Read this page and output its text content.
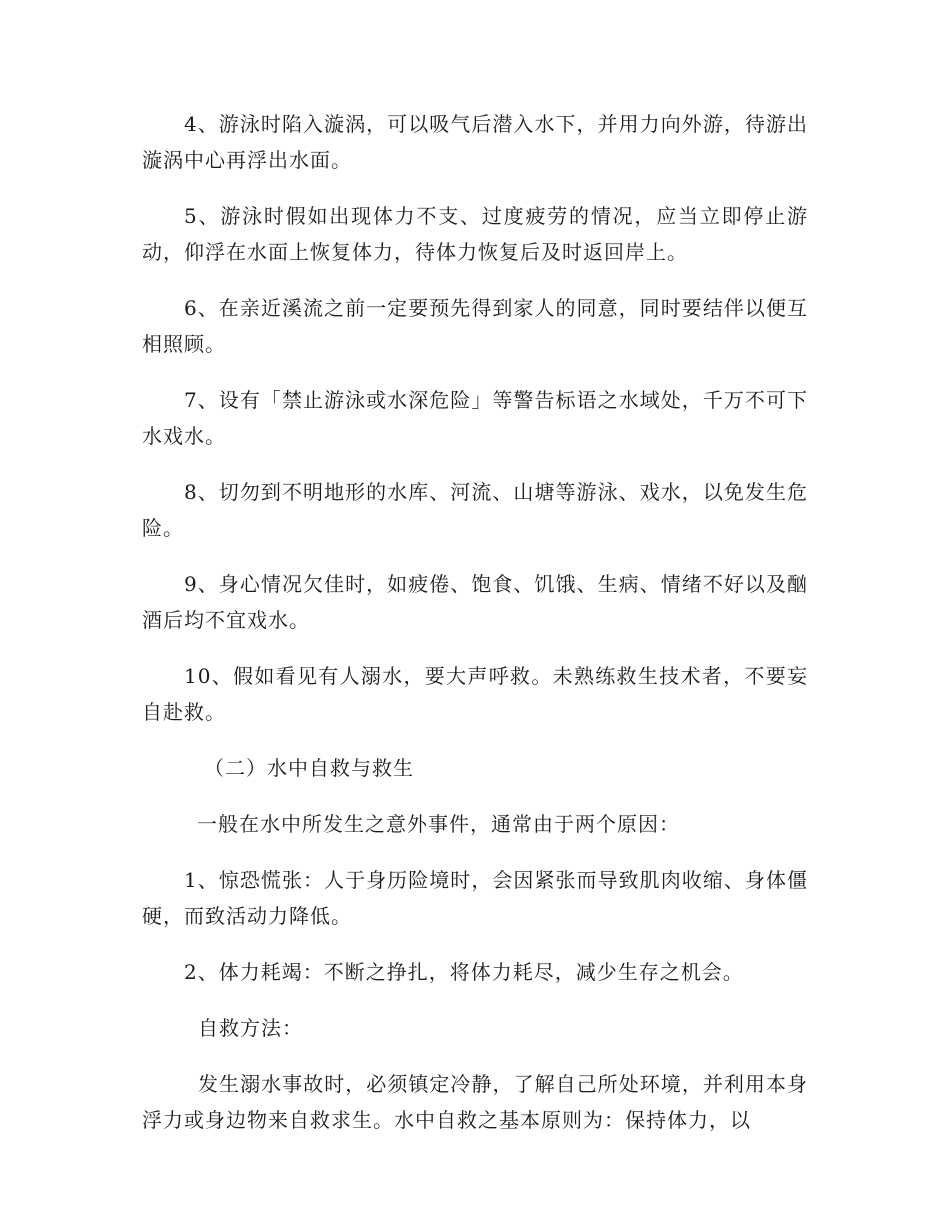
4、游泳时陷入漩涡，可以吸气后潜入水下，并用力向外游，待游出漩涡中心再浮出水面。

5、游泳时假如出现体力不支、过度疲劳的情况，应当立即停止游动，仰浮在水面上恢复体力，待体力恢复后及时返回岸上。

6、在亲近溪流之前一定要预先得到家人的同意，同时要结伴以便互相照顾。

7、设有「禁止游泳或水深危险」等警告标语之水域处，千万不可下水戏水。

8、切勿到不明地形的水库、河流、山塘等游泳、戏水，以免发生危险。

9、身心情况欠佳时，如疲倦、饱食、饥饿、生病、情绪不好以及酗酒后均不宜戏水。

10、假如看见有人溺水，要大声呼救。未熟练救生技术者，不要妄自赴救。

（二）水中自救与救生

一般在水中所发生之意外事件，通常由于两个原因：

1、惊恐慌张：人于身历险境时，会因紧张而导致肌肉收缩、身体僵硬，而致活动力降低。

2、体力耗竭：不断之挣扎，将体力耗尽，减少生存之机会。

自救方法：

发生溺水事故时，必须镇定冷静，了解自己所处环境，并利用本身浮力或身边物来自救求生。水中自救之基本原则为：保持体力，以
